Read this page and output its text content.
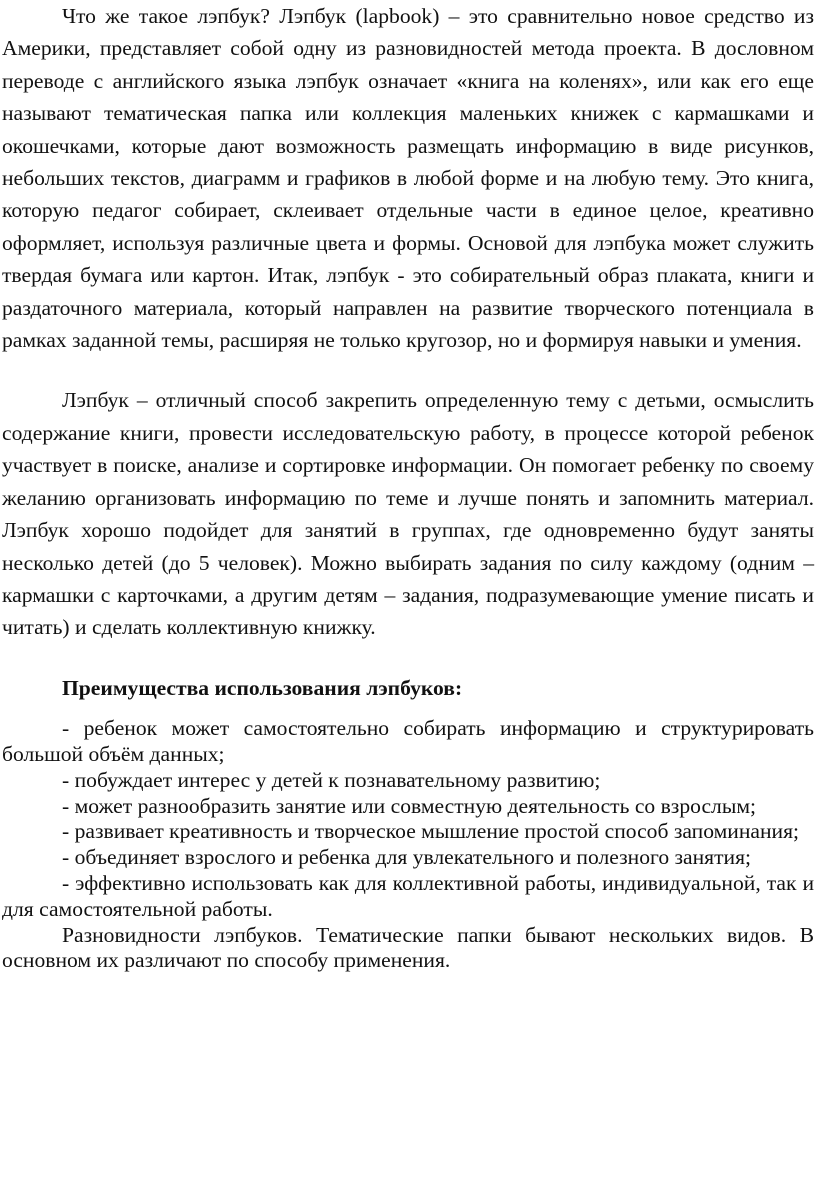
Что же такое лэпбук? Лэпбук (lapbook) – это сравнительно новое средство из Америки, представляет собой одну из разновидностей метода проекта. В дословном переводе с английского языка лэпбук означает «книга на коленях», или как его еще называют тематическая папка или коллекция маленьких книжек с кармашками и окошечками, которые дают возможность размещать информацию в виде рисунков, небольших текстов, диаграмм и графиков в любой форме и на любую тему. Это книга, которую педагог собирает, склеивает отдельные части в единое целое, креативно оформляет, используя различные цвета и формы. Основой для лэпбука может служить твердая бумага или картон. Итак, лэпбук - это собирательный образ плаката, книги и раздаточного материала, который направлен на развитие творческого потенциала в рамках заданной темы, расширяя не только кругозор, но и формируя навыки и умения.

Лэпбук – отличный способ закрепить определенную тему с детьми, осмыслить содержание книги, провести исследовательскую работу, в процессе которой ребенок участвует в поиске, анализе и сортировке информации. Он помогает ребенку по своему желанию организовать информацию по теме и лучше понять и запомнить материал. Лэпбук хорошо подойдет для занятий в группах, где одновременно будут заняты несколько детей (до 5 человек). Можно выбирать задания по силу каждому (одним –кармашки с карточками, а другим детям – задания, подразумевающие умение писать и читать) и сделать коллективную книжку.

Преимущества использования лэпбуков:

- ребенок может самостоятельно собирать информацию и структурировать большой объём данных;

- побуждает интерес у детей к познавательному развитию;

- может разнообразить занятие или совместную деятельность со взрослым;

- развивает креативность и творческое мышление простой способ запоминания;

- объединяет взрослого и ребенка для увлекательного и полезного занятия;

- эффективно использовать как для коллективной работы, индивидуальной, так и для самостоятельной работы.

Разновидности лэпбуков. Тематические папки бывают нескольких видов. В основном их различают по способу применения.
